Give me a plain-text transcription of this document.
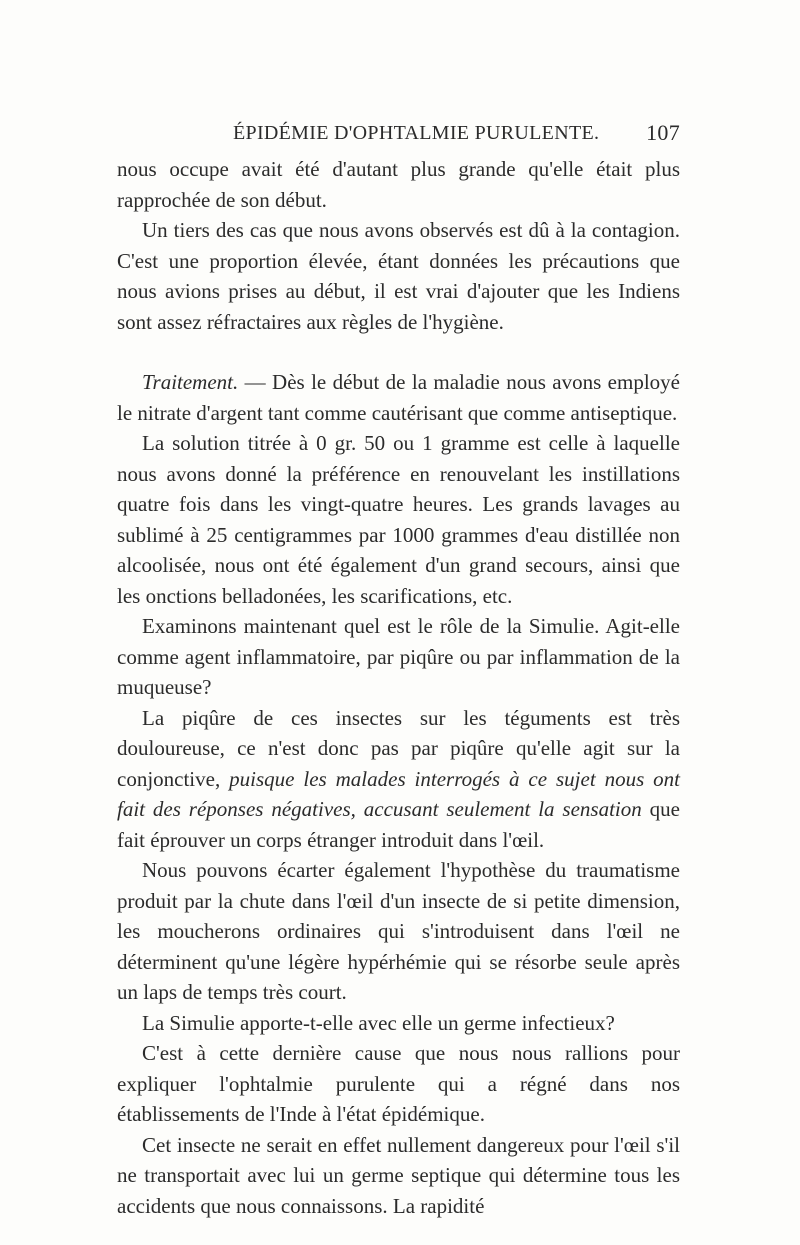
ÉPIDÉMIE D'OPHTALMIE PURULENTE. 107

nous occupe avait été d'autant plus grande qu'elle était plus rapprochée de son début.

Un tiers des cas que nous avons observés est dû à la contagion. C'est une proportion élevée, étant données les précautions que nous avions prises au début, il est vrai d'ajouter que les Indiens sont assez réfractaires aux règles de l'hygiène.

Traitement. — Dès le début de la maladie nous avons employé le nitrate d'argent tant comme cautérisant que comme antiseptique.

La solution titrée à 0 gr. 50 ou 1 gramme est celle à laquelle nous avons donné la préférence en renouvelant les instillations quatre fois dans les vingt-quatre heures. Les grands lavages au sublimé à 25 centigrammes par 1000 grammes d'eau distillée non alcoolisée, nous ont été également d'un grand secours, ainsi que les onctions belladonées, les scarifications, etc.

Examinons maintenant quel est le rôle de la Simulie. Agit-elle comme agent inflammatoire, par piqûre ou par inflammation de la muqueuse?

La piqûre de ces insectes sur les téguments est très douloureuse, ce n'est donc pas par piqûre qu'elle agit sur la conjonctive, puisque les malades interrogés à ce sujet nous ont fait des réponses négatives, accusant seulement la sensation que fait éprouver un corps étranger introduit dans l'œil.

Nous pouvons écarter également l'hypothèse du traumatisme produit par la chute dans l'œil d'un insecte de si petite dimension, les moucherons ordinaires qui s'introduisent dans l'œil ne déterminent qu'une légère hypérhémie qui se résorbe seule après un laps de temps très court.

La Simulie apporte-t-elle avec elle un germe infectieux?

C'est à cette dernière cause que nous nous rallions pour expliquer l'ophtalmie purulente qui a régné dans nos établissements de l'Inde à l'état épidémique.

Cet insecte ne serait en effet nullement dangereux pour l'œil s'il ne transportait avec lui un germe septique qui détermine tous les accidents que nous connaissons. La rapidité
